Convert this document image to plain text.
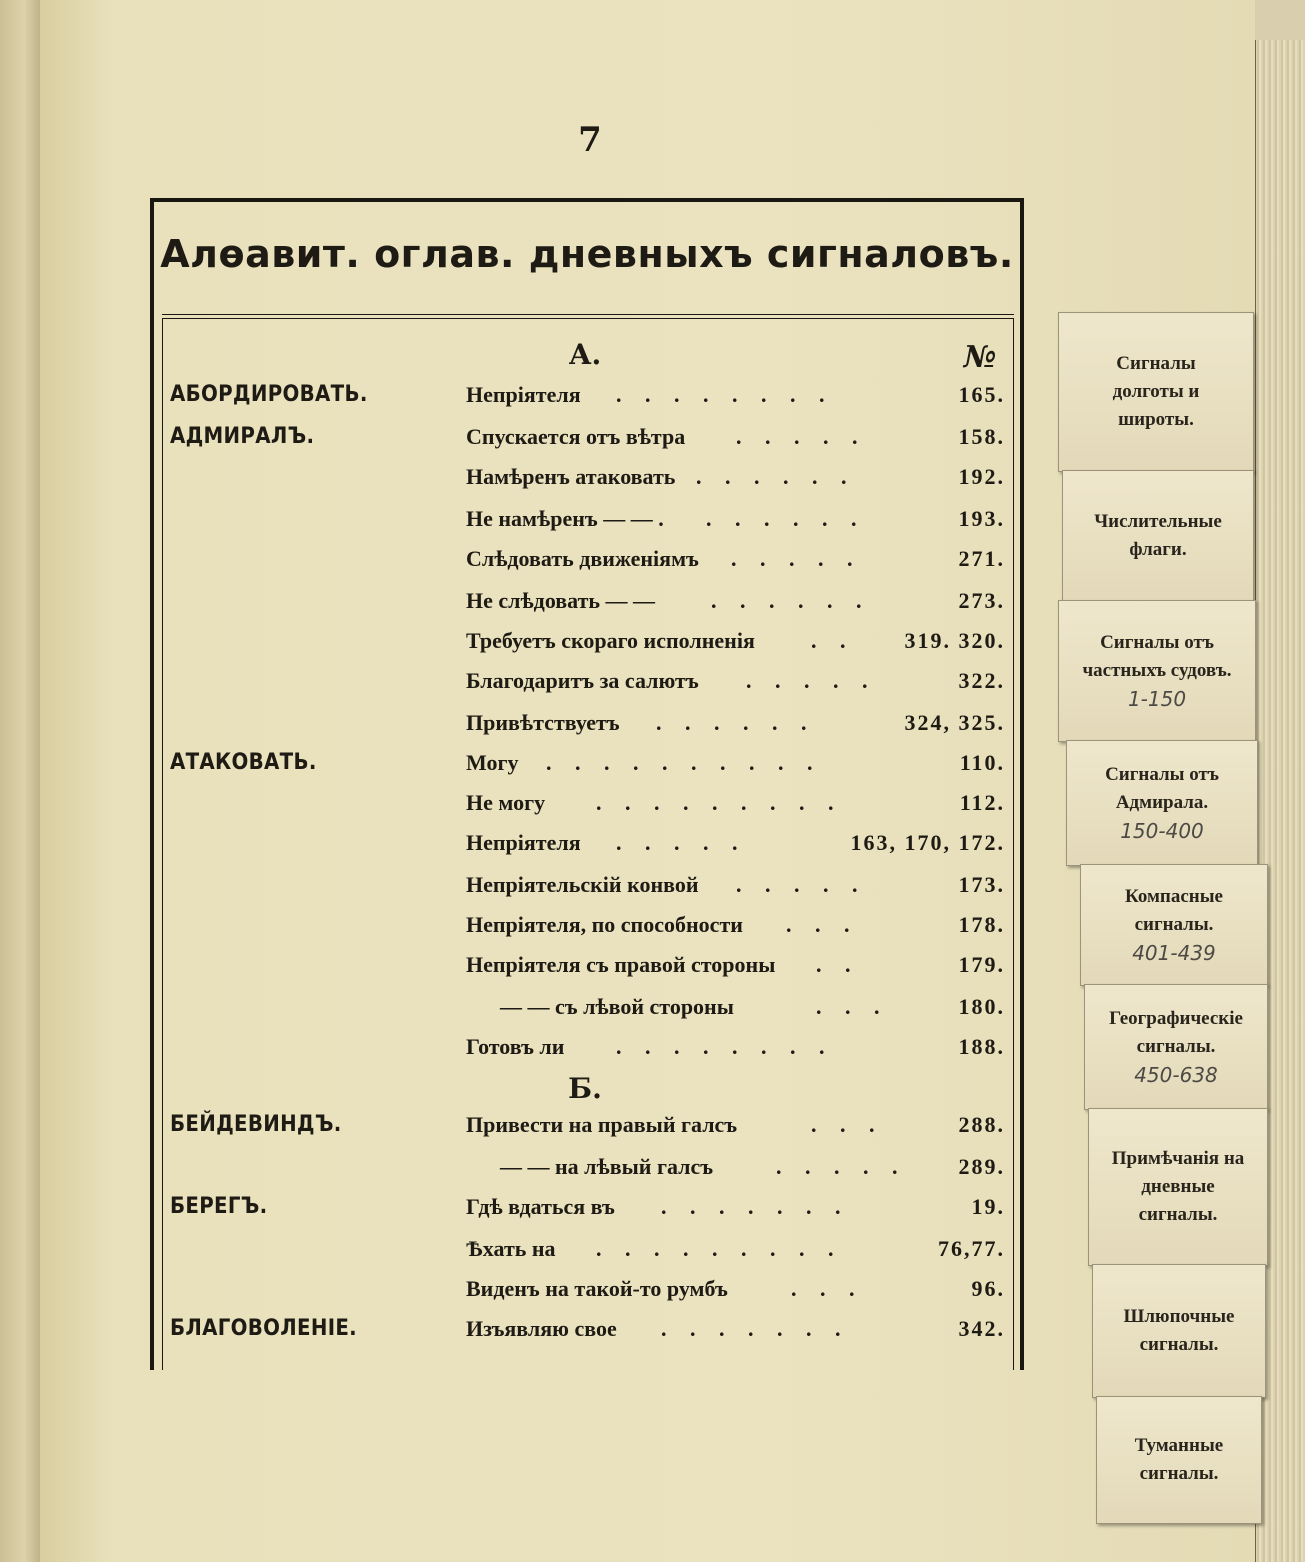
7
Алѳавит. оглав. дневныхъ сигналовъ.
А.	№
Б.
АБОРДИРОВАТЬ.	Непріятеля . . . . . . . .	165.
АДМИРАЛЪ.	Спускается отъ вѣтра . . . . .	158.
Намѣренъ атаковать . . . . . .	192.
Не намѣренъ — — . . . . . . .	193.
Слѣдовать движеніямъ . . . . .	271.
Не слѣдовать — —	. . . . . .	273.
Требуетъ скораго исполненія	. . 319. 320.
Благодаритъ за салютъ . . . . .	322.
Привѣтствуетъ . . . . . .	324, 325.
АТАКОВАТЬ.	Могу . . . . . . . . . .	110.
Не могу . . . . . . . . .	112.
Непріятеля . . . . .	163, 170, 172.
Непріятельскій конвой . . . . .	173.
Непріятеля, по способности . . .	178.
Непріятеля съ правой стороны . .	179.
— — съ лѣвой стороны	. . .	180.
Готовъ ли . . . . . . . .	188.
БЕЙДЕВИНДЪ.	Привести на правый галсъ	. . .	288.
— — на лѣвый галсъ	. . . . . 289.
БЕРЕГЪ.	Гдѣ вдаться въ . . . . . . .	19.
Ѣхать на . . . . . . . . .	76,77.
Виденъ на такой-то румбъ	. . .	96.
БЛАГОВОЛЕНІЕ.	Изъявляю свое . . . . . . .	342.
Сигналы долготы и широты.
Числительные флаги.
Сигналы отъ частныхъ судовъ.
1-150
Сигналы отъ Адмирала.
150-400
Компасные сигналы.
401-439
Географическіе сигналы.
450-638
Примѣчанія на дневные сигналы.
Шлюпочные сигналы.
Туманные сигналы.
